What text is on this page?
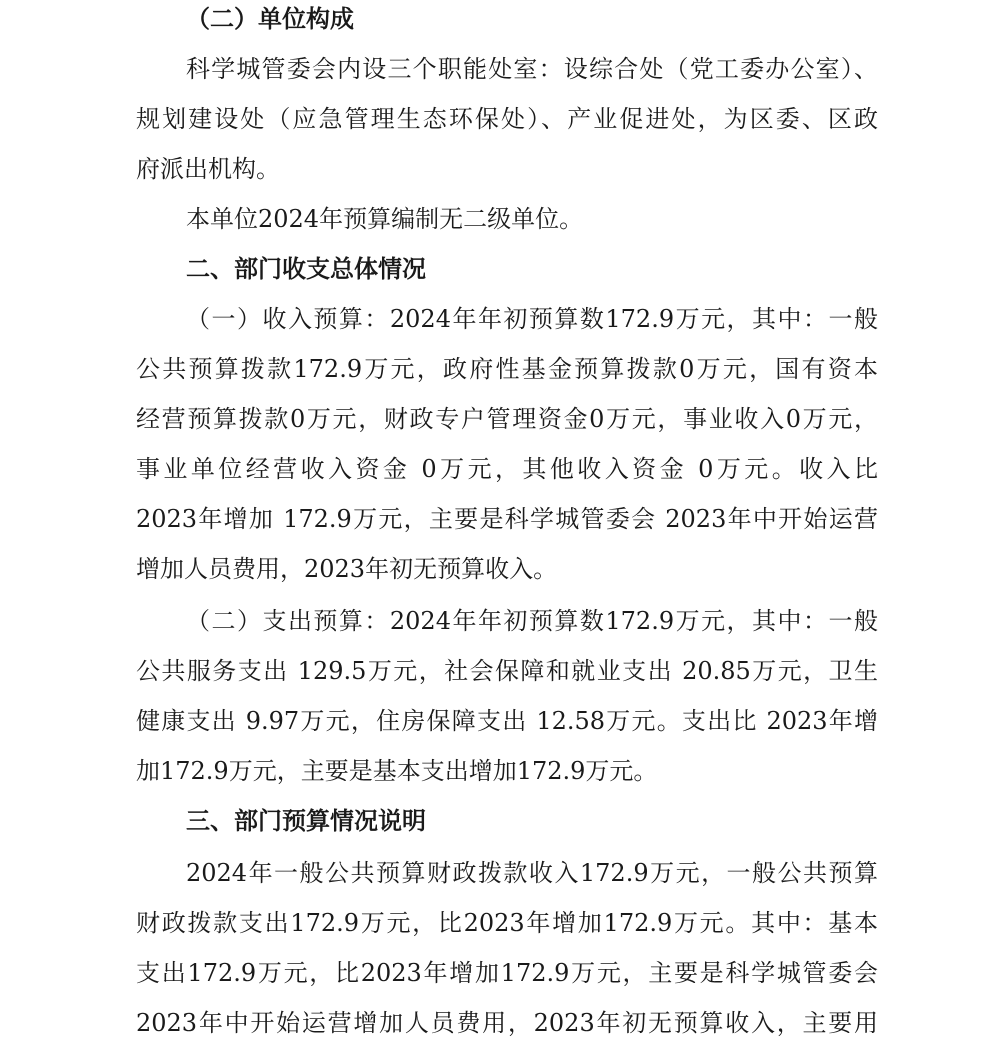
（二）单位构成
科学城管委会内设三个职能处室：设综合处（党工委办公室）、
规划建设处（应急管理生态环保处）、产业促进处，为区委、区政
府派出机构。
本单位2024年预算编制无二级单位。
二、部门收支总体情况
（一）收入预算：2024年年初预算数172.9万元，其中：一般
公共预算拨款172.9万元，政府性基金预算拨款0万元，国有资本
经营预算拨款0万元，财政专户管理资金0万元，事业收入0万元，
事业单位经营收入资金 0万元，其他收入资金 0万元。收入比
2023年增加 172.9万元，主要是科学城管委会 2023年中开始运营
增加人员费用，2023年初无预算收入。
（二）支出预算：2024年年初预算数172.9万元，其中：一般
公共服务支出 129.5万元，社会保障和就业支出 20.85万元，卫生
健康支出 9.97万元，住房保障支出 12.58万元。支出比 2023年增
加172.9万元，主要是基本支出增加172.9万元。
三、部门预算情况说明
2024年一般公共预算财政拨款收入172.9万元，一般公共预算
财政拨款支出172.9万元，比2023年增加172.9万元。其中：基本
支出172.9万元，比2023年增加172.9万元，主要是科学城管委会
2023年中开始运营增加人员费用，2023年初无预算收入，主要用
